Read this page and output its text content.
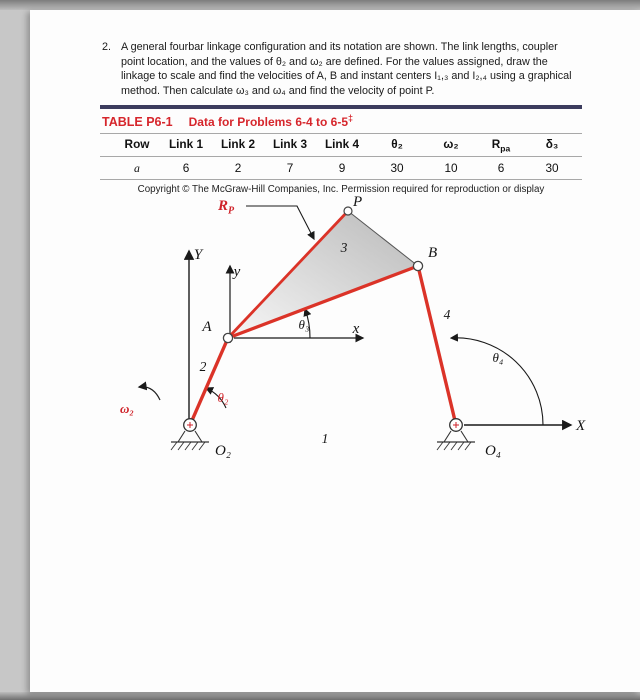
2. A general fourbar linkage configuration and its notation are shown. The link lengths, coupler
point location, and the values of θ₂ and ω₂ are defined. For the values assigned, draw the
linkage to scale and find the velocities of A, B and instant centers I₁,₃ and I₂,₄ using a graphical
method. Then calculate ω₃ and ω₄ and find the velocity of point P.
TABLE P6-1 Data for Problems 6-4 to 6-5‡
Row	Link 1	Link 2	Link 3	Link 4	θ₂	ω₂	$R_{pa}$	δ₃
a	6	2	7	9	30	10	6	30
Copyright © The McGraw-Hill Companies, Inc. Permission required for reproduction or display
$R_P$
P
A
B
Y
y
x
X
1
2
3
4
θ₂
θ₃
θ₄
ω₂
O₂	O₄
